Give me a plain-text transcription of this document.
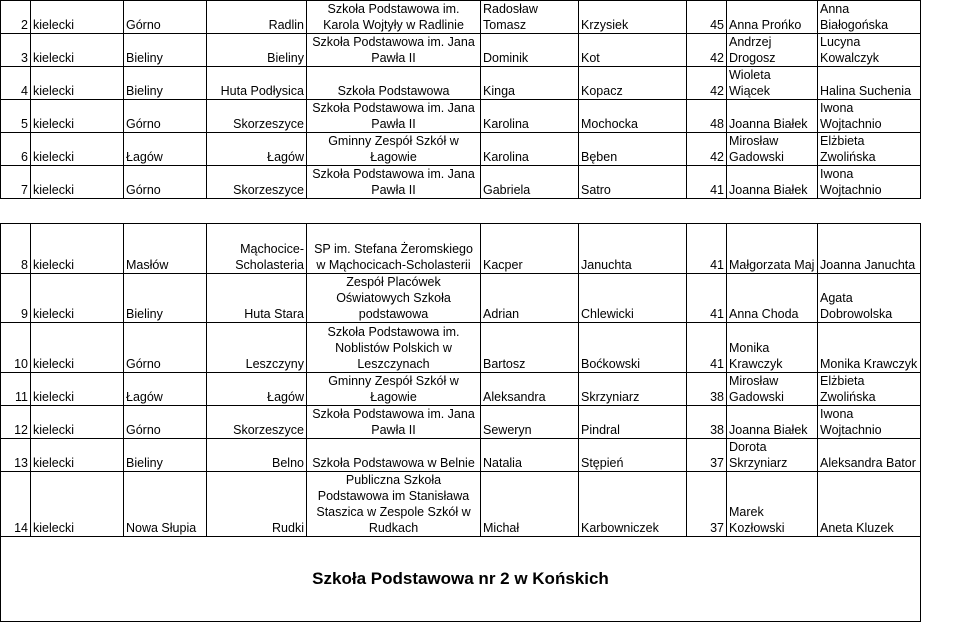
2	kielecki	Górno	Radlin	Szkoła Podstawowa im. Karola Wojtyły w Radlinie	Radosław Tomasz	Krzysiek	45	Anna Prońko	Anna Białogońska
3	kielecki	Bieliny	Bieliny	Szkoła Podstawowa im. Jana Pawła II	Dominik	Kot	42	Andrzej Drogosz	Lucyna Kowalczyk
4	kielecki	Bieliny	Huta Podłysica	Szkoła Podstawowa	Kinga	Kopacz	42	Wioleta Wiącek	Halina Suchenia
5	kielecki	Górno	Skorzeszyce	Szkoła Podstawowa im. Jana Pawła II	Karolina	Mochocka	48	Joanna Białek	Iwona Wojtachnio
6	kielecki	Łagów	Łagów	Gminny Zespół Szkół w Łagowie	Karolina	Bęben	42	Mirosław Gadowski	Elżbieta Zwolińska
7	kielecki	Górno	Skorzeszyce	Szkoła Podstawowa im. Jana Pawła II	Gabriela	Satro	41	Joanna Białek	Iwona Wojtachnio

8	kielecki	Masłów	Mąchocice-Scholasteria	SP im. Stefana Żeromskiego w Mąchocicach-Scholasterii	Kacper	Januchta	41	Małgorzata Maj	Joanna Januchta
9	kielecki	Bieliny	Huta Stara	Zespół Placówek Oświatowych Szkoła podstawowa	Adrian	Chlewicki	41	Anna Choda	Agata Dobrowolska
10	kielecki	Górno	Leszczyny	Szkoła Podstawowa im. Noblistów Polskich w Leszczynach	Bartosz	Boćkowski	41	Monika Krawczyk	Monika Krawczyk
11	kielecki	Łagów	Łagów	Gminny Zespół Szkół w Łagowie	Aleksandra	Skrzyniarz	38	Mirosław Gadowski	Elżbieta Zwolińska
12	kielecki	Górno	Skorzeszyce	Szkoła Podstawowa im. Jana Pawła II	Seweryn	Pindral	38	Joanna Białek	Iwona Wojtachnio
13	kielecki	Bieliny	Belno	Szkoła Podstawowa w Belnie	Natalia	Stępień	37	Dorota Skrzyniarz	Aleksandra Bator
14	kielecki	Nowa Słupia	Rudki	Publiczna Szkoła Podstawowa im Stanisława Staszica w Zespole Szkół w Rudkach	Michał	Karbowniczek	37	Marek Kozłowski	Aneta Kluzek
Szkoła Podstawowa nr 2 w Końskich									
